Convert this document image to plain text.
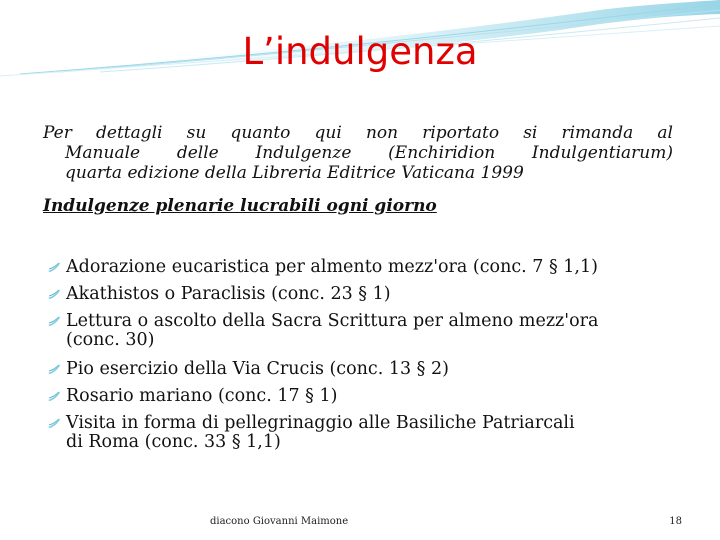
L’indulgenza
Per dettagli su quanto qui non riportato si rimanda al
Manuale delle Indulgenze (Enchiridion Indulgentiarum)
quarta edizione della Libreria Editrice Vaticana 1999
Indulgenze plenarie lucrabili ogni giorno
Adorazione eucaristica per almento mezz'ora (conc. 7 § 1,1)
Akathistos o Paraclisis (conc. 23 § 1)
Lettura o ascolto della Sacra Scrittura per almeno mezz'ora
(conc. 30)
Pio esercizio della Via Crucis (conc. 13 § 2)
Rosario mariano (conc. 17 § 1)
Visita in forma di pellegrinaggio alle Basiliche Patriarcali
di Roma (conc. 33 § 1,1)
diacono Giovanni Maimone	18
